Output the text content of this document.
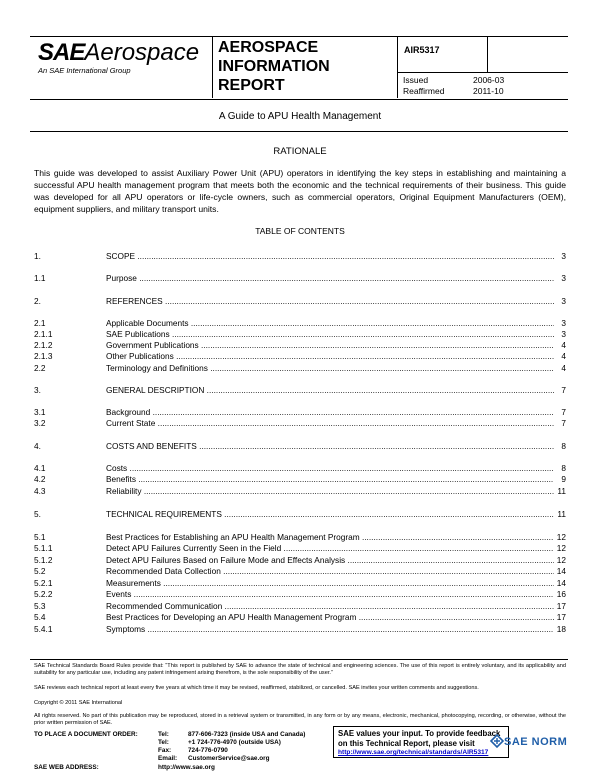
SAEAerospace
An SAE International Group
AEROSPACE
INFORMATION
REPORT
AIR5317
Issued	2006-03
Reaffirmed	2011-10
A Guide to APU Health Management
RATIONALE
This guide was developed to assist Auxiliary Power Unit (APU) operators in identifying the key steps in establishing and maintaining a successful APU health management program that meets both the economic and the technical requirements of their business. This guide was developed for all APU operators or life-cycle owners, such as commercial operators, Original Equipment Manufacturers (OEM), equipment suppliers, and military transport units.
TABLE OF CONTENTS
1.	SCOPE .....	3
1.1	Purpose .....	3
2.	REFERENCES .....	3
2.1	Applicable Documents .....	3
2.1.1	SAE Publications .....	3
2.1.2	Government Publications .....	4
2.1.3	Other Publications .....	4
2.2	Terminology and Definitions .....	4
3.	GENERAL DESCRIPTION .....	7
3.1	Background .....	7
3.2	Current State .....	7
4.	COSTS AND BENEFITS .....	8
4.1	Costs .....	8
4.2	Benefits .....	9
4.3	Reliability .....	11
5.	TECHNICAL REQUIREMENTS .....	11
5.1	Best Practices for Establishing an APU Health Management Program .....	12
5.1.1	Detect APU Failures Currently Seen in the Field .....	12
5.1.2	Detect APU Failures Based on Failure Mode and Effects Analysis .....	12
5.2	Recommended Data Collection .....	14
5.2.1	Measurements .....	14
5.2.2	Events .....	16
5.3	Recommended Communication .....	17
5.4	Best Practices for Developing an APU Health Management Program .....	17
5.4.1	Symptoms .....	18
SAE Technical Standards Board Rules provide that: “This report is published by SAE to advance the state of technical and engineering sciences. The use of this report is entirely voluntary, and its applicability and suitability for any particular use, including any patent infringement arising therefrom, is the sole responsibility of the user.”
SAE reviews each technical report at least every five years at which time it may be revised, reaffirmed, stabilized, or cancelled. SAE invites your written comments and suggestions.
Copyright © 2011 SAE International
All rights reserved. No part of this publication may be reproduced, stored in a retrieval system or transmitted, in any form or by any means, electronic, mechanical, photocopying, recording, or otherwise, without the prior written permission of SAE.
TO PLACE A DOCUMENT ORDER:	Tel:	877-606-7323 (inside USA and Canada)
Tel:	+1 724-776-4970 (outside USA)
Fax:	724-776-0790
Email: CustomerService@sae.org
SAE WEB ADDRESS:	http://www.sae.org
SAE values your input. To provide feedback
on this Technical Report, please visit
http://www.sae.org/technical/standards/AIR5317
SAE NORM
